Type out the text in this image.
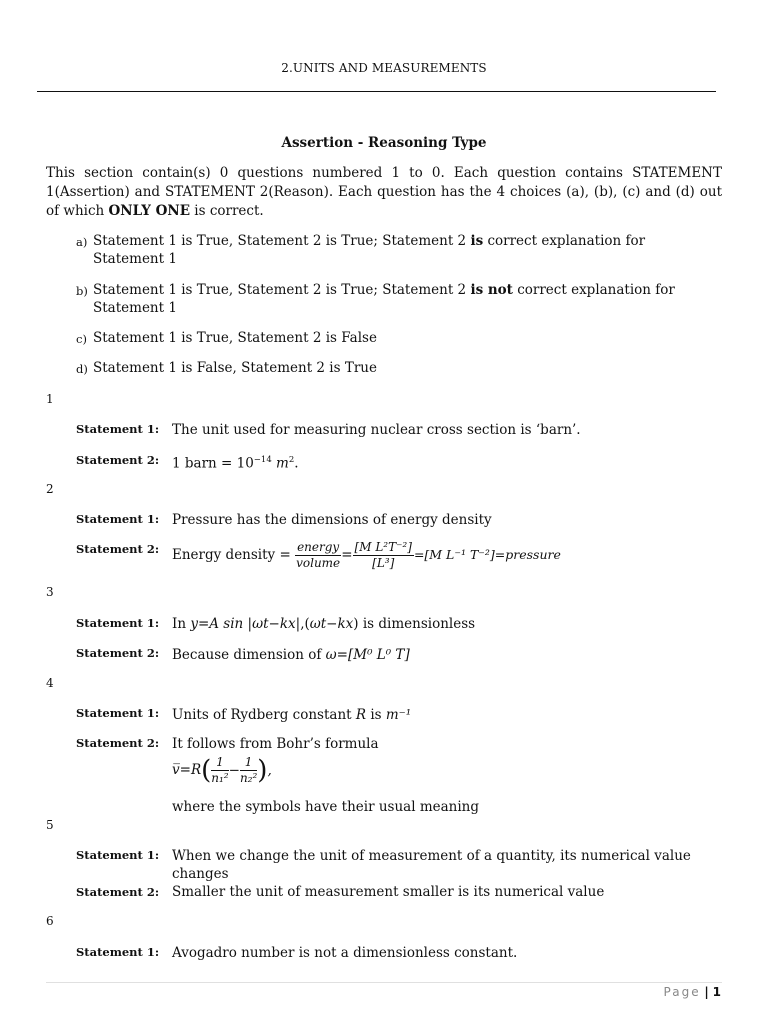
2.UNITS AND MEASUREMENTS
Assertion - Reasoning Type
This section contain(s) 0 questions numbered 1 to 0. Each question contains STATEMENT 1(Assertion) and STATEMENT 2(Reason). Each question has the 4 choices (a), (b), (c) and (d) out of which ONLY ONE is correct.
a) Statement 1 is True, Statement 2 is True; Statement 2 is correct explanation for Statement 1
b) Statement 1 is True, Statement 2 is True; Statement 2 is not correct explanation for Statement 1
c) Statement 1 is True, Statement 2 is False
d) Statement 1 is False, Statement 2 is True
1
Statement 1: The unit used for measuring nuclear cross section is ‘barn’.
Statement 2: 1 barn = $10^{-14}$ $m^2$.
2
Statement 1: Pressure has the dimensions of energy density
Statement 2: Energy density = $\frac{\text{energy}}{\text{volume}} = \frac{\text{[M L²T⁻²]}}{\text{[L³]}} =[M$ L⁻¹ T⁻²]=pressure
3
Statement 1: In y=A sin |ωt−kx|,(ωt−kx) is dimensionless
Statement 2: Because dimension of ω=[M⁰ L⁰ T]
4
Statement 1: Units of Rydberg constant R is m⁻¹
Statement 2: It follows from Bohr’s formula
v̅=R( $\frac{1}{\text{n₁²}} - \frac{1}{\text{n₂²}}$ ),
where the symbols have their usual meaning
5
Statement 1: When we change the unit of measurement of a quantity, its numerical value changes
Statement 2: Smaller the unit of measurement smaller is its numerical value
6
Statement 1: Avogadro number is not a dimensionless constant.
Page | 1
